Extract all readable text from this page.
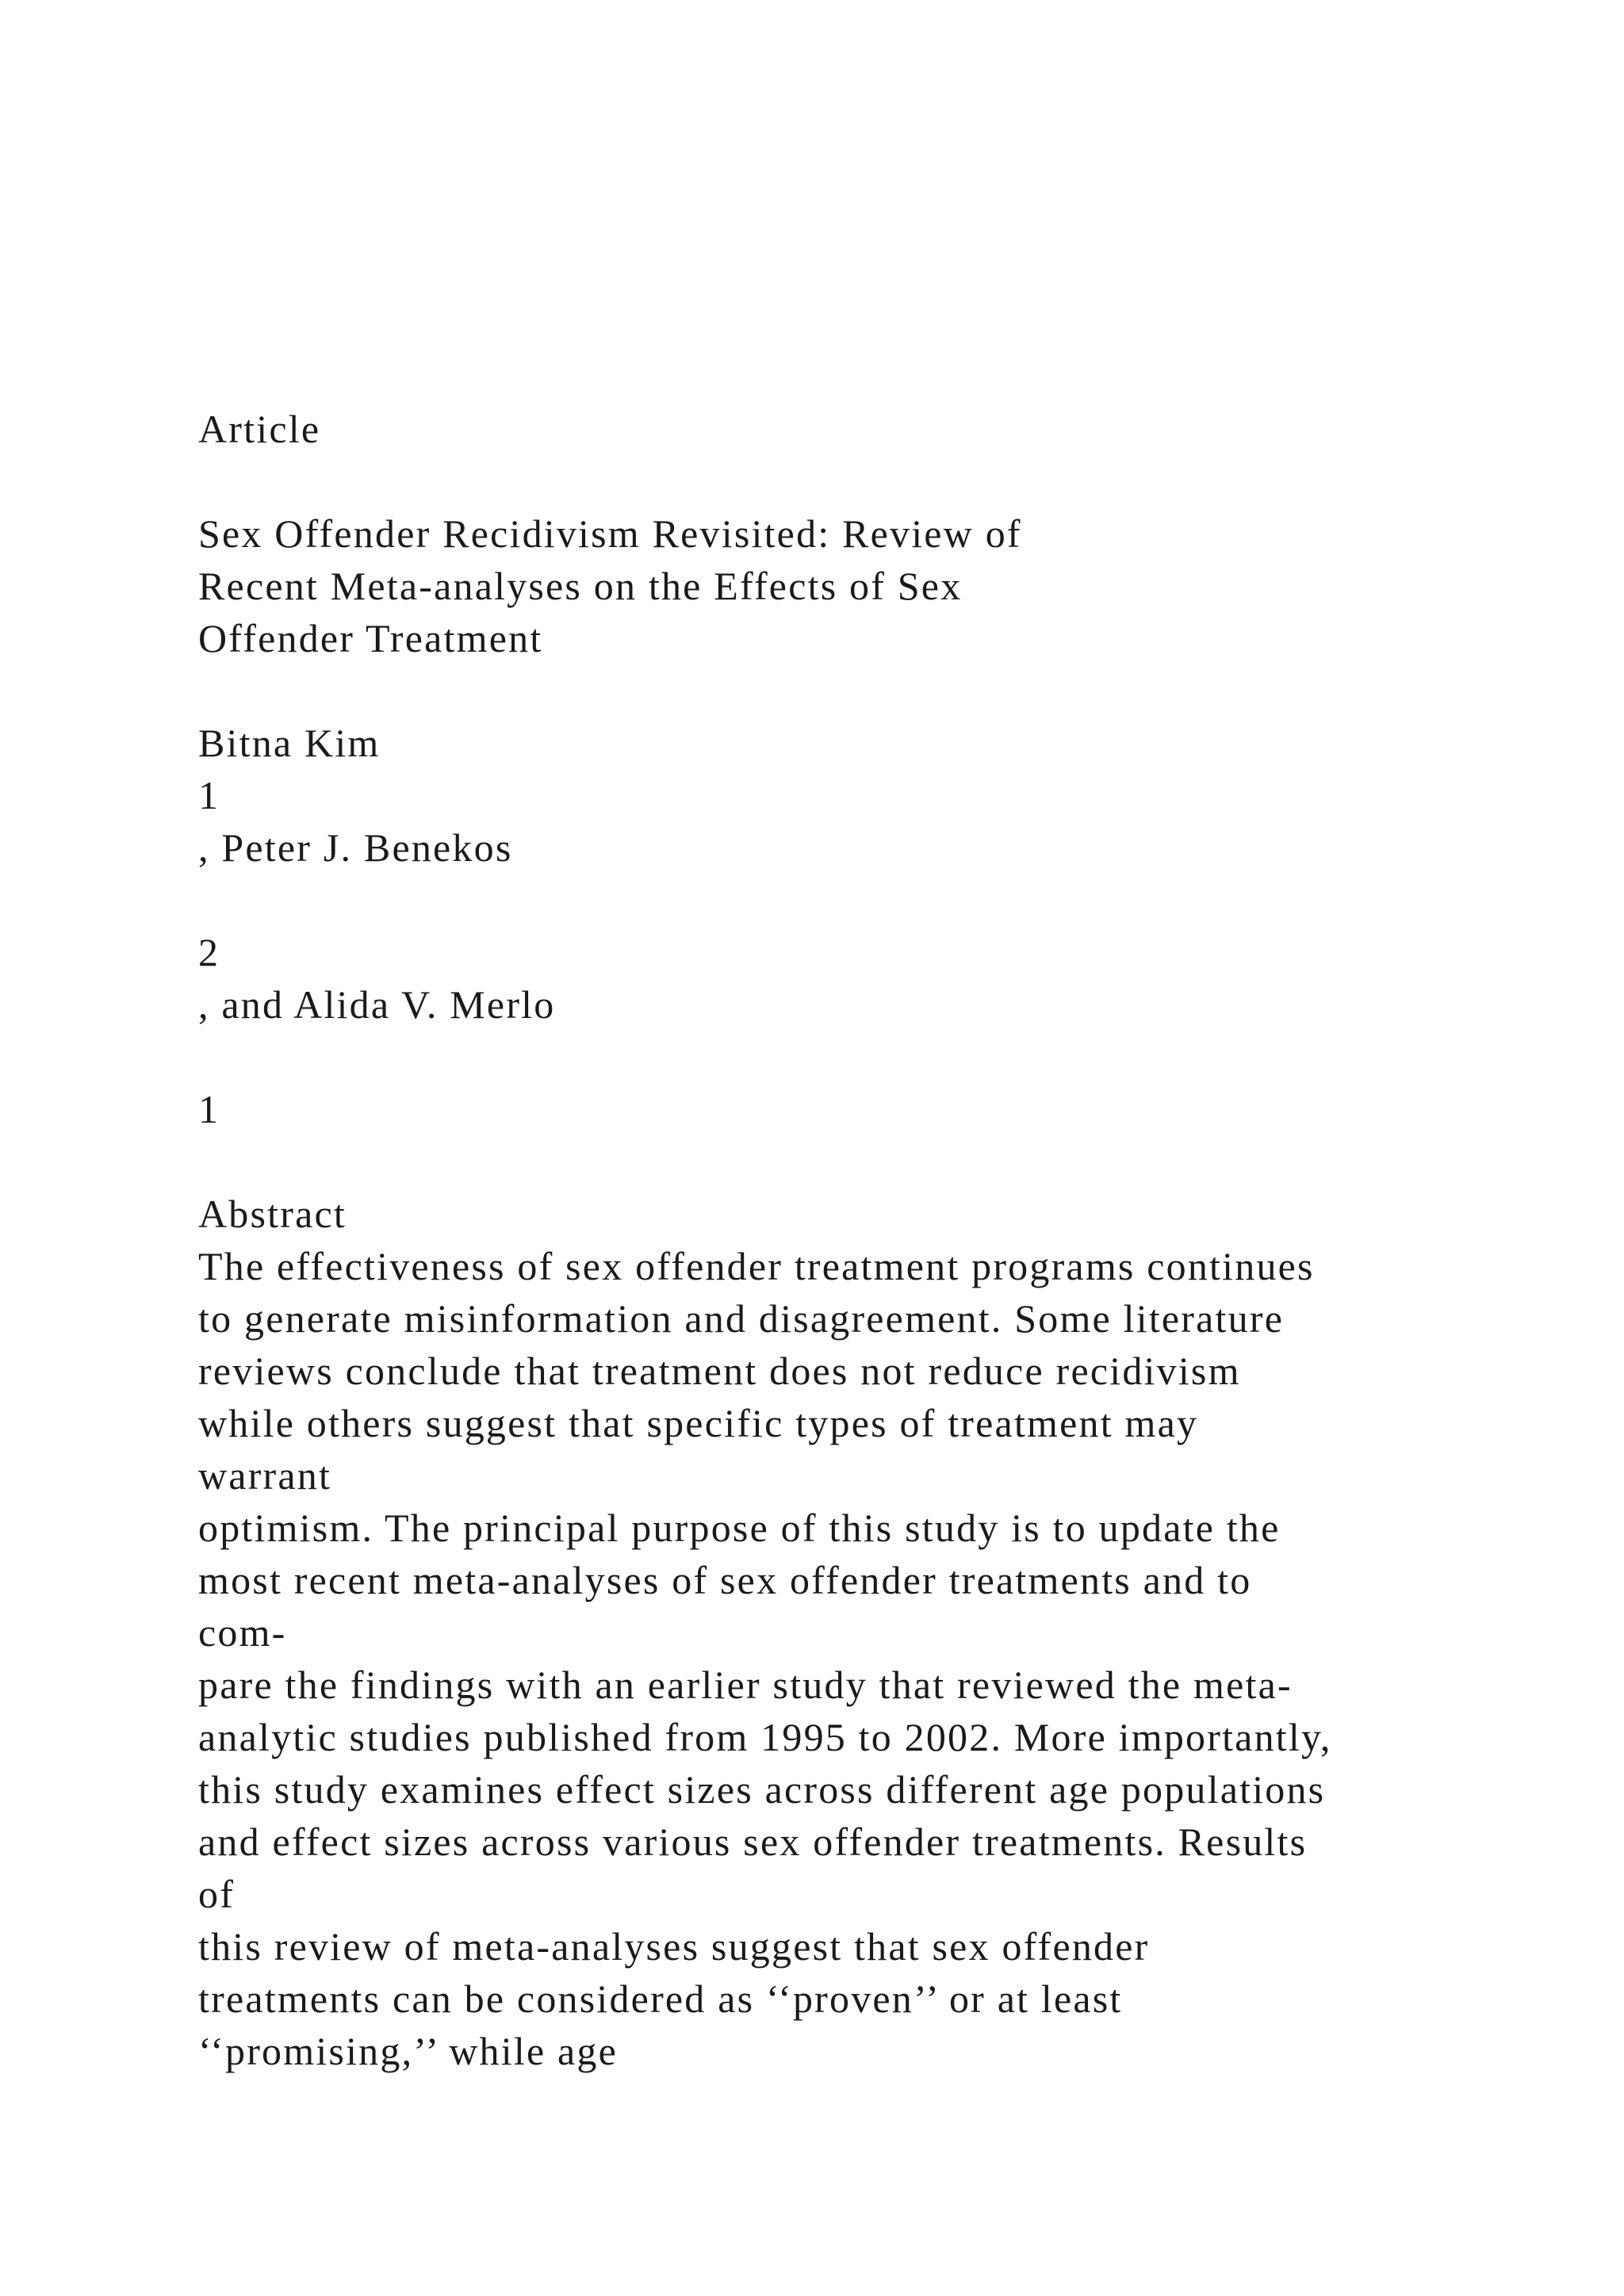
Article

Sex Offender Recidivism Revisited: Review of

Recent Meta-analyses on the Effects of Sex

Offender Treatment

Bitna Kim

1

, Peter J. Benekos

2

, and Alida V. Merlo

1

Abstract

The effectiveness of sex offender treatment programs continues

to generate misinformation and disagreement. Some literature

reviews conclude that treatment does not reduce recidivism

while others suggest that specific types of treatment may

warrant

optimism. The principal purpose of this study is to update the

most recent meta-analyses of sex offender treatments and to

com-

pare the findings with an earlier study that reviewed the meta-

analytic studies published from 1995 to 2002. More importantly,

this study examines effect sizes across different age populations

and effect sizes across various sex offender treatments. Results

of

this review of meta-analyses suggest that sex offender

treatments can be considered as ‘‘proven’’ or at least

‘‘promising,’’ while age
